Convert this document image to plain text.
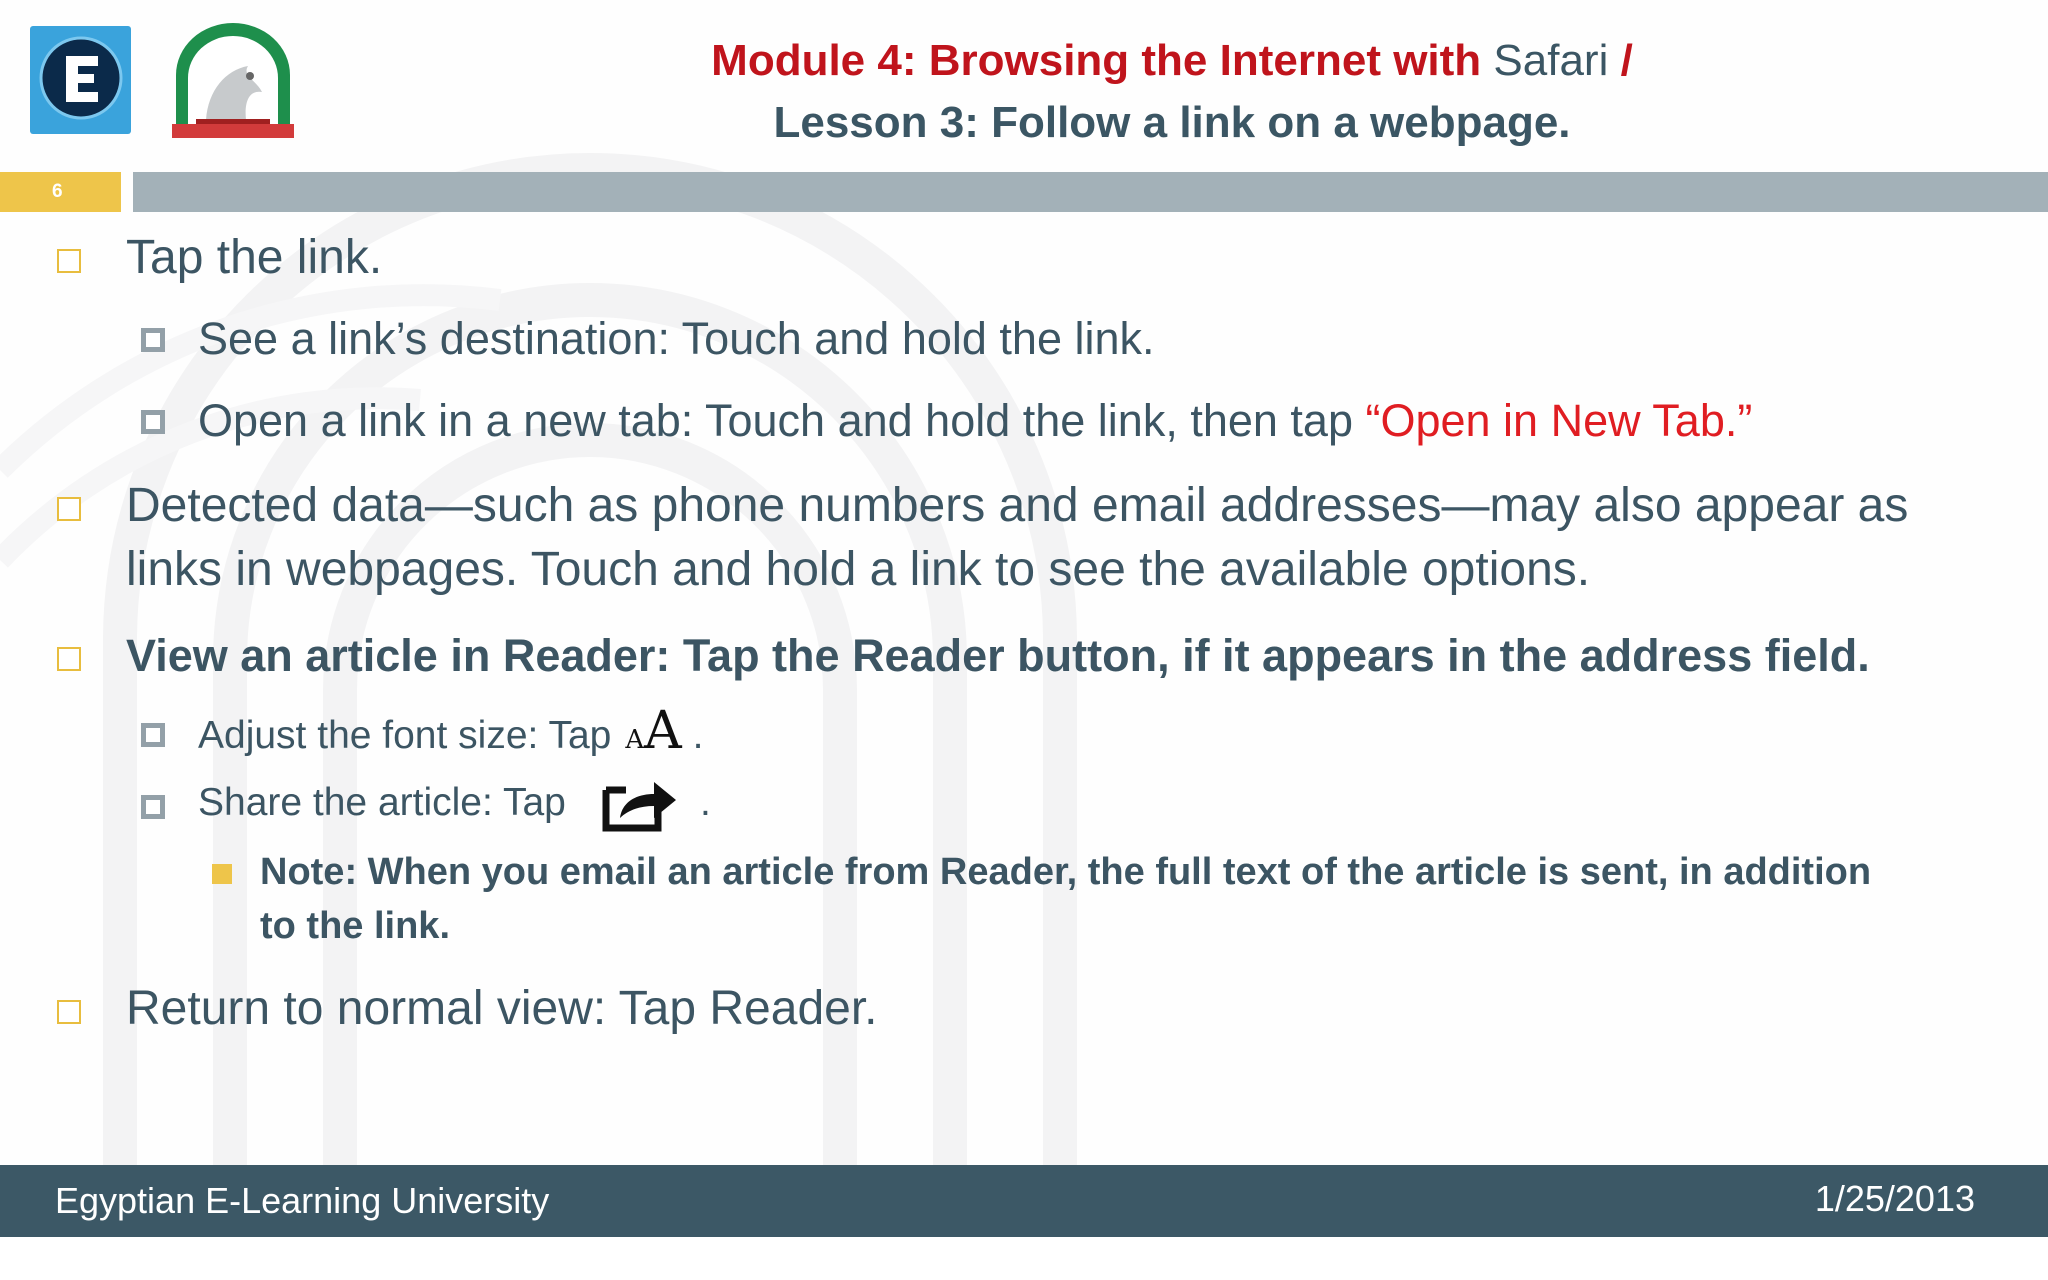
Module 4: Browsing the Internet with Safari /
Lesson 3: Follow a link on a webpage.
6
Tap the link.
See a link’s destination: Touch and hold the link.
Open a link in a new tab: Touch and hold the link, then tap “Open in New Tab.”
Detected data—such as phone numbers and email addresses—may also appear as
links in webpages. Touch and hold a link to see the available options.
View an article in Reader: Tap the Reader button, if it appears in the address field.
Adjust the font size: Tap AA .
Share the article: Tap	.
Note: When you email an article from Reader, the full text of the article is sent, in addition
to the link.
Return to normal view: Tap Reader.
Egyptian E-Learning University	1/25/2013
